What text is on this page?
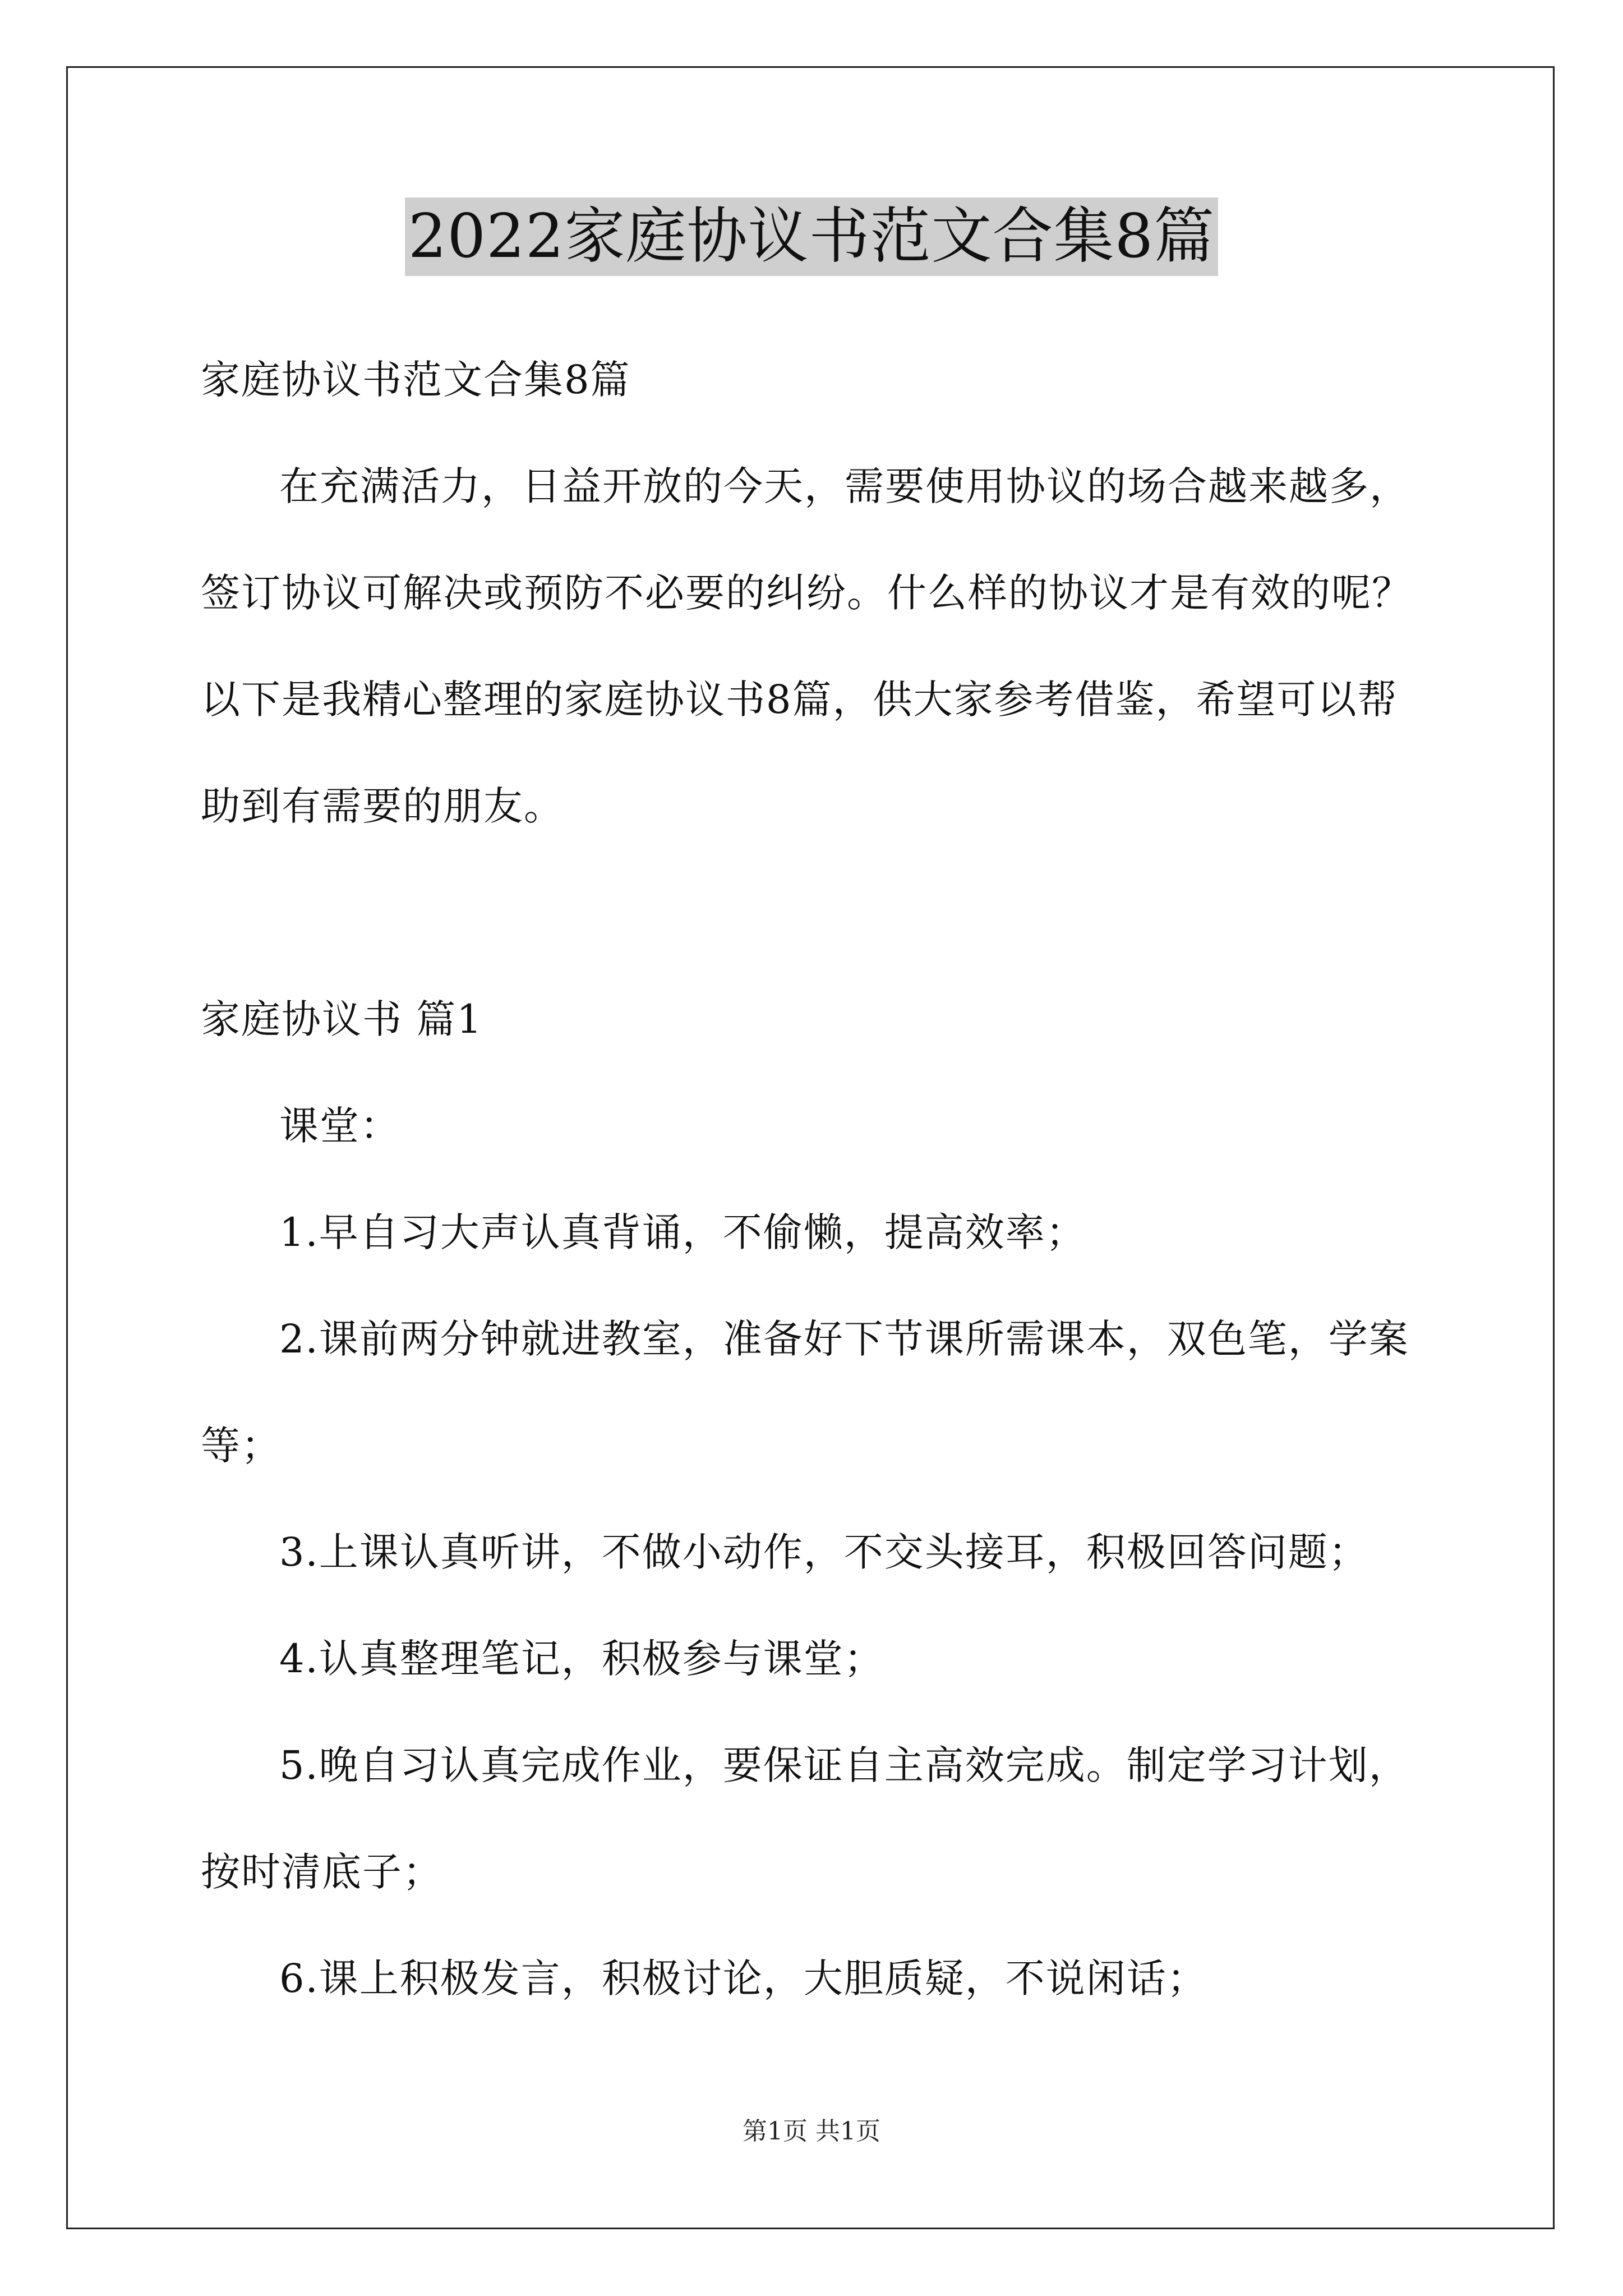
2022家庭协议书范文合集8篇
家庭协议书范文合集8篇
在充满活力，日益开放的今天，需要使用协议的场合越来越多，
签订协议可解决或预防不必要的纠纷。什么样的协议才是有效的呢？
以下是我精心整理的家庭协议书8篇，供大家参考借鉴，希望可以帮
助到有需要的朋友。
家庭协议书 篇1
课堂：
1.早自习大声认真背诵，不偷懒，提高效率；
2.课前两分钟就进教室，准备好下节课所需课本，双色笔，学案
等；
3.上课认真听讲，不做小动作，不交头接耳，积极回答问题；
4.认真整理笔记，积极参与课堂；
5.晚自习认真完成作业，要保证自主高效完成。制定学习计划，
按时清底子；
6.课上积极发言，积极讨论，大胆质疑，不说闲话；
第1页 共1页
